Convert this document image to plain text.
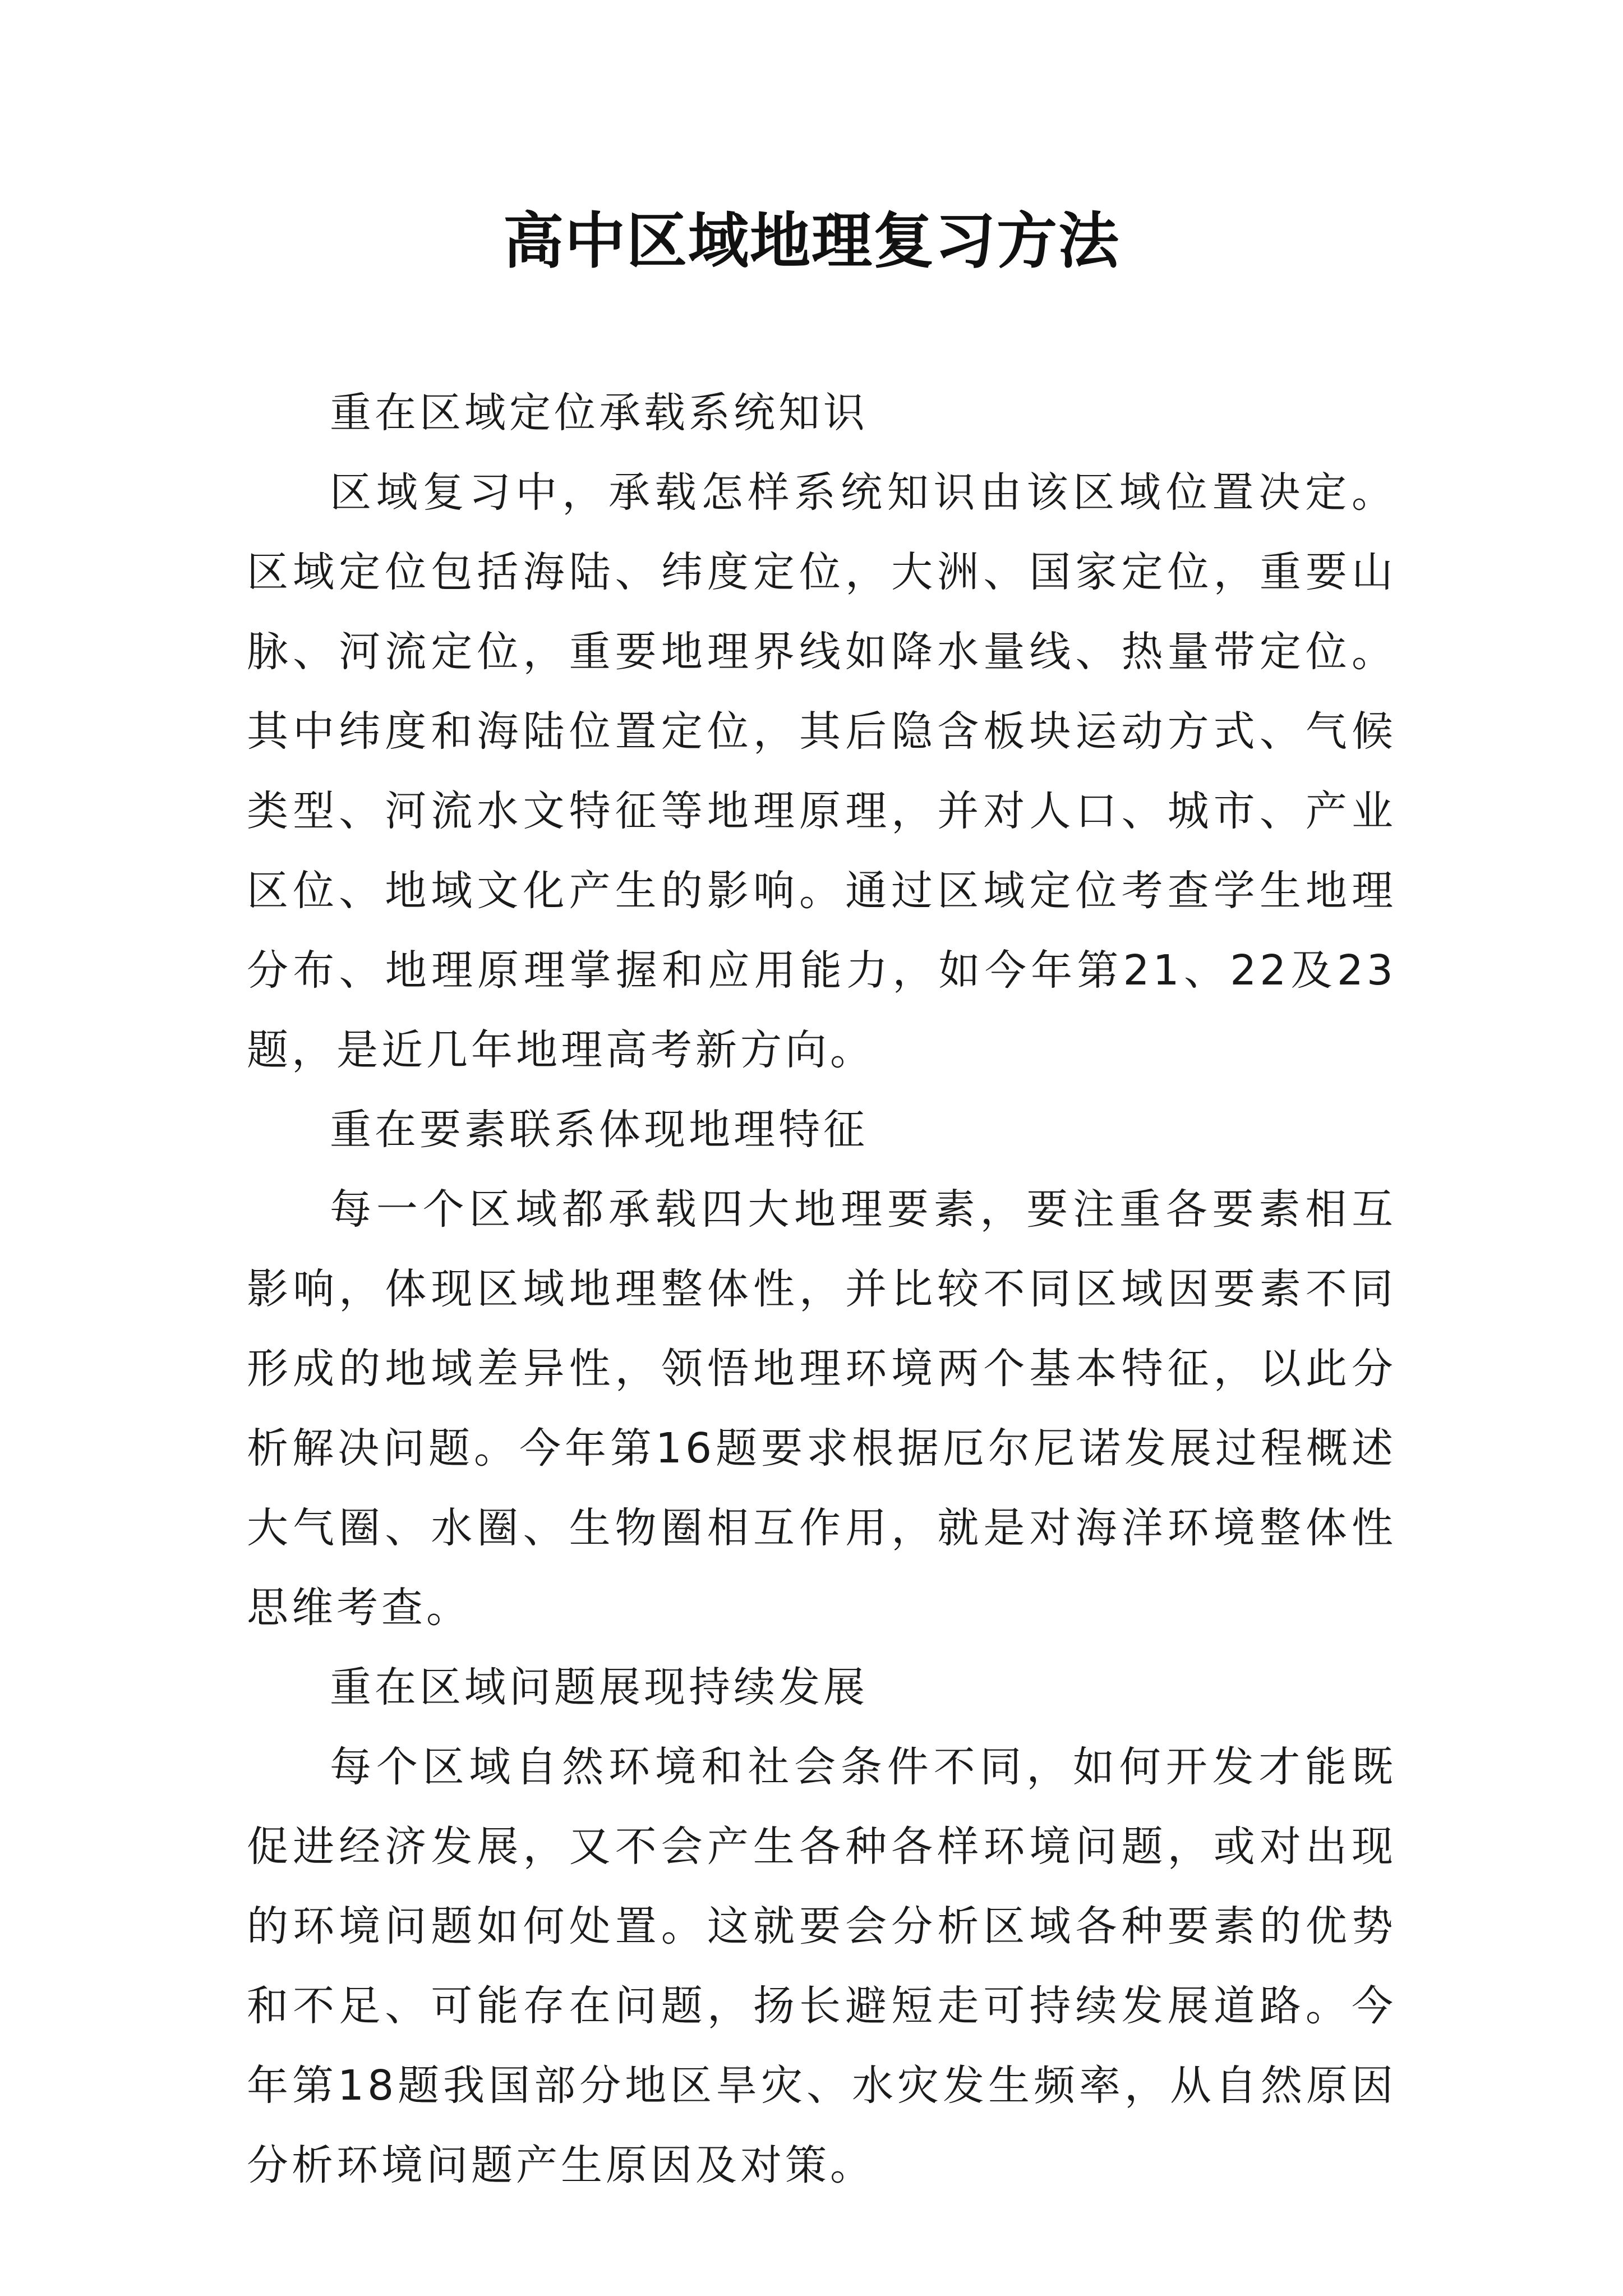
高中区域地理复习方法

重在区域定位承载系统知识

区域复习中，承载怎样系统知识由该区域位置决定。区域定位包括海陆、纬度定位，大洲、国家定位，重要山脉、河流定位，重要地理界线如降水量线、热量带定位。其中纬度和海陆位置定位，其后隐含板块运动方式、气候类型、河流水文特征等地理原理，并对人口、城市、产业区位、地域文化产生的影响。通过区域定位考查学生地理分布、地理原理掌握和应用能力，如今年第21、22及23题，是近几年地理高考新方向。

重在要素联系体现地理特征

每一个区域都承载四大地理要素，要注重各要素相互影响，体现区域地理整体性，并比较不同区域因要素不同形成的地域差异性，领悟地理环境两个基本特征，以此分析解决问题。今年第16题要求根据厄尔尼诺发展过程概述大气圈、水圈、生物圈相互作用，就是对海洋环境整体性思维考查。

重在区域问题展现持续发展

每个区域自然环境和社会条件不同，如何开发才能既促进经济发展，又不会产生各种各样环境问题，或对出现的环境问题如何处置。这就要会分析区域各种要素的优势和不足、可能存在问题，扬长避短走可持续发展道路。今年第18题我国部分地区旱灾、水灾发生频率，从自然原因分析环境问题产生原因及对策。
